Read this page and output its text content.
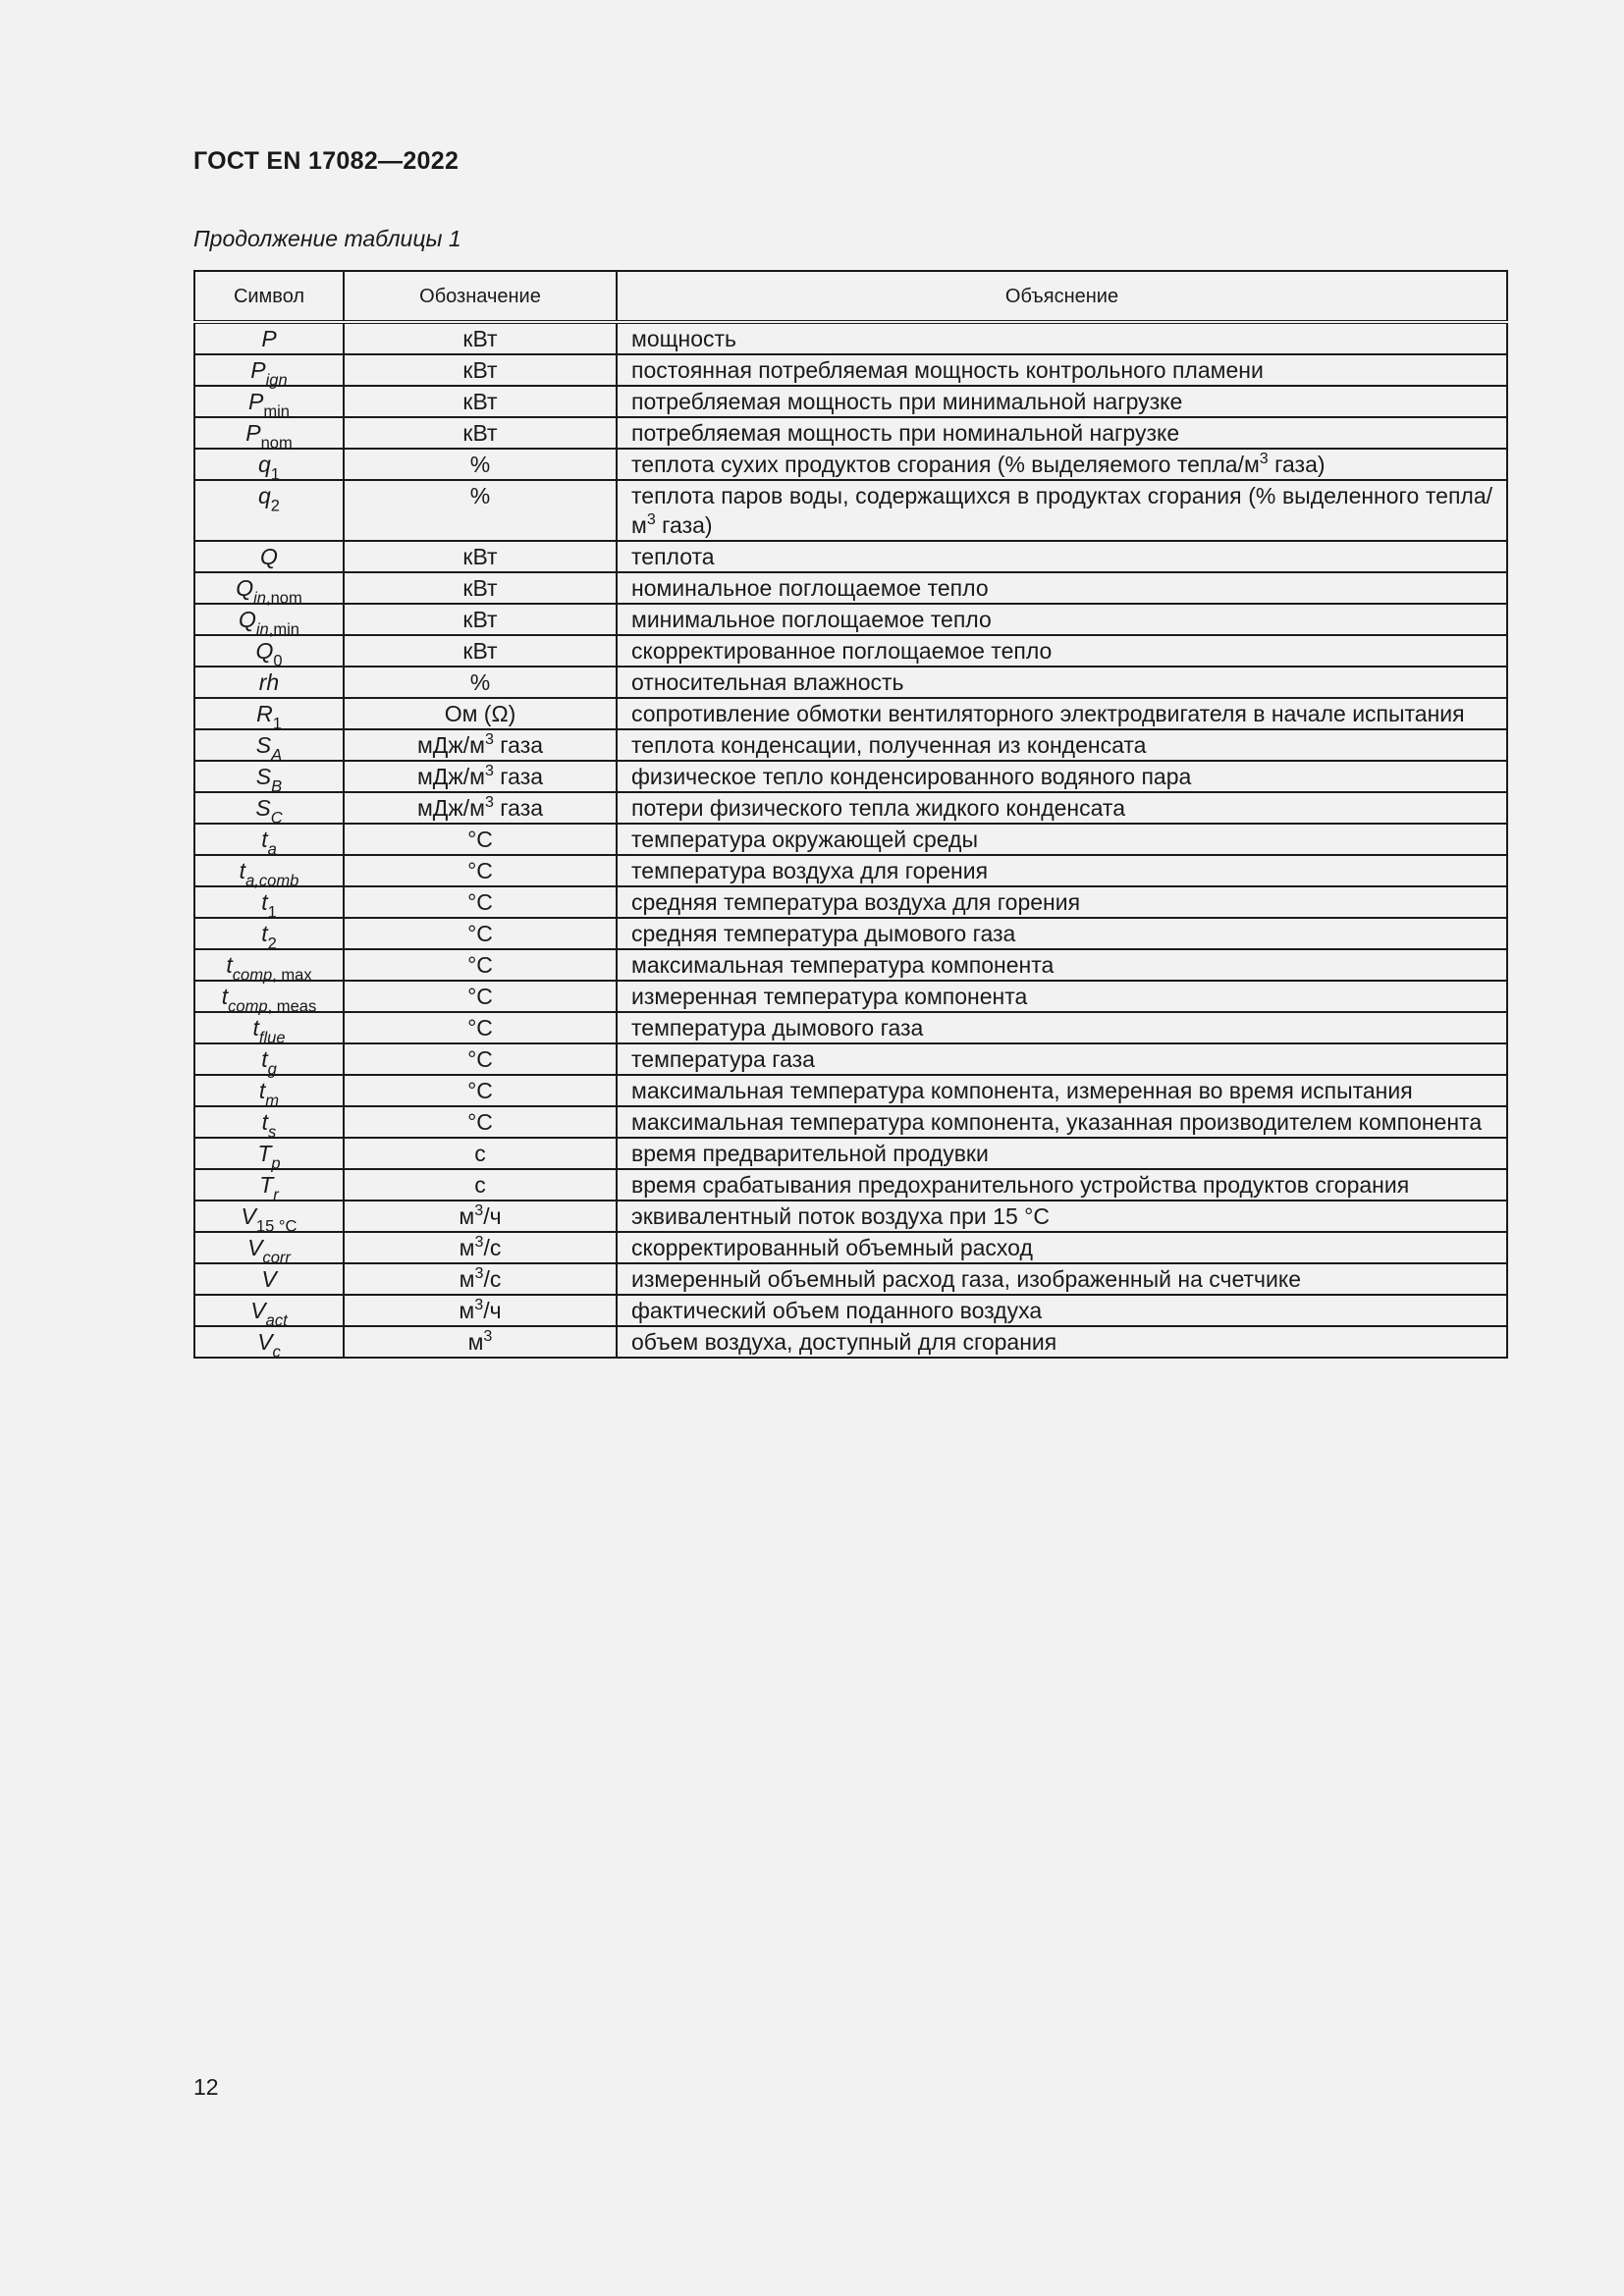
ГОСТ EN 17082—2022
Продолжение таблицы 1
Символ	Обозначение	Объяснение
P	кВт	мощность
$P_{ign}$	кВт	постоянная потребляемая мощность контрольного пламени
$P_{min}$	кВт	потребляемая мощность при минимальной нагрузке
$P_{nom}$	кВт	потребляемая мощность при номинальной нагрузке
$q_1$	%	теплота сухих продуктов сгорания (% выделяемого тепла/$м^3$ газа)
$q_2$	%	теплота паров воды, содержащихся в продуктах сгорания (% выделенного тепла/$м^3$ газа)
Q	кВт	теплота
$Q_{in,nom}$	кВт	номинальное поглощаемое тепло
$Q_{in,min}$	кВт	минимальное поглощаемое тепло
$Q_0$	кВт	скорректированное поглощаемое тепло
rh	%	относительная влажность
$R_1$	Ом (Ω)	сопротивление обмотки вентиляторного электродвигателя в начале испытания
$S_A$	мДж/$м^3$ газа	теплота конденсации, полученная из конденсата
$S_B$	мДж/$м^3$ газа	физическое тепло конденсированного водяного пара
$S_C$	мДж/$м^3$ газа	потери физического тепла жидкого конденсата
$t_a$	°C	температура окружающей среды
$t_{a,comb}$	°C	температура воздуха для горения
$t_1$	°C	средняя температура воздуха для горения
$t_2$	°C	средняя температура дымового газа
$t_{comp, max}$	°C	максимальная температура компонента
$t_{comp, meas}$	°C	измеренная температура компонента
$t_{flue}$	°C	температура дымового газа
$t_g$	°C	температура газа
$t_m$	°C	максимальная температура компонента, измеренная во время испытания
$t_s$	°C	максимальная температура компонента, указанная производителем компонента
$T_p$	с	время предварительной продувки
$T_r$	с	время срабатывания предохранительного устройства продуктов сгорания
$V_{15 ^\circ C}$	$м^3/ч$	эквивалентный поток воздуха при 15 °C
$V_{corr}$	$м^3/с$	скорректированный объемный расход
V	$м^3/с$	измеренный объемный расход газа, изображенный на счетчике
$V_{act}$	$м^3/ч$	фактический объем поданного воздуха
$V_c$	$м^3$	объем воздуха, доступный для сгорания
12
